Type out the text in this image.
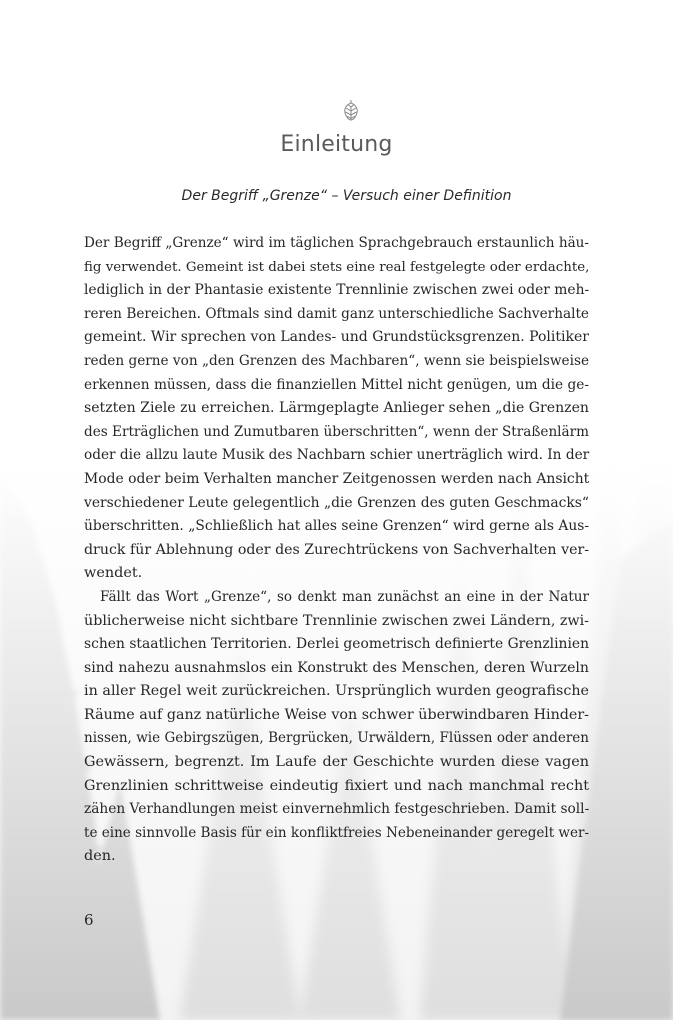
Einleitung
Der Begriff „Grenze“ – Versuch einer Definition
Der Begriff „Grenze“ wird im täglichen Sprachgebrauch erstaunlich häu-
fig verwendet. Gemeint ist dabei stets eine real festgelegte oder erdachte,
lediglich in der Phantasie existente Trennlinie zwischen zwei oder meh-
reren Bereichen. Oftmals sind damit ganz unterschiedliche Sachverhalte
gemeint. Wir sprechen von Landes- und Grundstücksgrenzen. Politiker
reden gerne von „den Grenzen des Machbaren“, wenn sie beispielsweise
erkennen müssen, dass die finanziellen Mittel nicht genügen, um die ge-
setzten Ziele zu erreichen. Lärmgeplagte Anlieger sehen „die Grenzen
des Erträglichen und Zumutbaren überschritten“, wenn der Straßenlärm
oder die allzu laute Musik des Nachbarn schier unerträglich wird. In der
Mode oder beim Verhalten mancher Zeitgenossen werden nach Ansicht
verschiedener Leute gelegentlich „die Grenzen des guten Geschmacks“
überschritten. „Schließlich hat alles seine Grenzen“ wird gerne als Aus-
druck für Ablehnung oder des Zurechtrückens von Sachverhalten ver-
wendet.
Fällt das Wort „Grenze“, so denkt man zunächst an eine in der Natur
üblicherweise nicht sichtbare Trennlinie zwischen zwei Ländern, zwi-
schen staatlichen Territorien. Derlei geometrisch definierte Grenzlinien
sind nahezu ausnahmslos ein Konstrukt des Menschen, deren Wurzeln
in aller Regel weit zurückreichen. Ursprünglich wurden geografische
Räume auf ganz natürliche Weise von schwer überwindbaren Hinder-
nissen, wie Gebirgszügen, Bergrücken, Urwäldern, Flüssen oder anderen
Gewässern, begrenzt. Im Laufe der Geschichte wurden diese vagen
Grenzlinien schrittweise eindeutig fixiert und nach manchmal recht
zähen Verhandlungen meist einvernehmlich festgeschrieben. Damit soll-
te eine sinnvolle Basis für ein konfliktfreies Nebeneinander geregelt wer-
den.
6
